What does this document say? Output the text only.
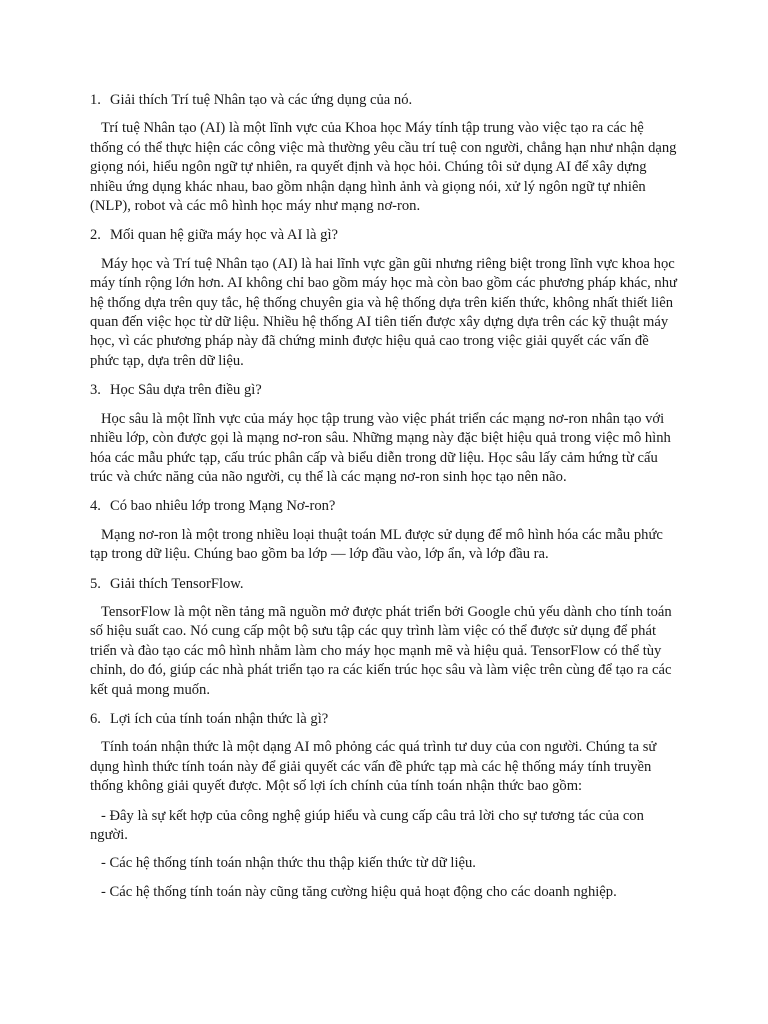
1. Giải thích Trí tuệ Nhân tạo và các ứng dụng của nó.

Trí tuệ Nhân tạo (AI) là một lĩnh vực của Khoa học Máy tính tập trung vào việc tạo ra các hệ thống có thể thực hiện các công việc mà thường yêu cầu trí tuệ con người, chẳng hạn như nhận dạng giọng nói, hiểu ngôn ngữ tự nhiên, ra quyết định và học hỏi. Chúng tôi sử dụng AI để xây dựng nhiều ứng dụng khác nhau, bao gồm nhận dạng hình ảnh và giọng nói, xử lý ngôn ngữ tự nhiên (NLP), robot và các mô hình học máy như mạng nơ-ron.

2. Mối quan hệ giữa máy học và AI là gì?

Máy học và Trí tuệ Nhân tạo (AI) là hai lĩnh vực gần gũi nhưng riêng biệt trong lĩnh vực khoa học máy tính rộng lớn hơn. AI không chỉ bao gồm máy học mà còn bao gồm các phương pháp khác, như hệ thống dựa trên quy tắc, hệ thống chuyên gia và hệ thống dựa trên kiến thức, không nhất thiết liên quan đến việc học từ dữ liệu. Nhiều hệ thống AI tiên tiến được xây dựng dựa trên các kỹ thuật máy học, vì các phương pháp này đã chứng minh được hiệu quả cao trong việc giải quyết các vấn đề phức tạp, dựa trên dữ liệu.

3. Học Sâu dựa trên điều gì?

Học sâu là một lĩnh vực của máy học tập trung vào việc phát triển các mạng nơ-ron nhân tạo với nhiều lớp, còn được gọi là mạng nơ-ron sâu. Những mạng này đặc biệt hiệu quả trong việc mô hình hóa các mẫu phức tạp, cấu trúc phân cấp và biểu diễn trong dữ liệu. Học sâu lấy cảm hứng từ cấu trúc và chức năng của não người, cụ thể là các mạng nơ-ron sinh học tạo nên não.

4. Có bao nhiêu lớp trong Mạng Nơ-ron?

Mạng nơ-ron là một trong nhiều loại thuật toán ML được sử dụng để mô hình hóa các mẫu phức tạp trong dữ liệu. Chúng bao gồm ba lớp — lớp đầu vào, lớp ẩn, và lớp đầu ra.

5. Giải thích TensorFlow.

TensorFlow là một nền tảng mã nguồn mở được phát triển bởi Google chủ yếu dành cho tính toán số hiệu suất cao. Nó cung cấp một bộ sưu tập các quy trình làm việc có thể được sử dụng để phát triển và đào tạo các mô hình nhằm làm cho máy học mạnh mẽ và hiệu quả. TensorFlow có thể tùy chỉnh, do đó, giúp các nhà phát triển tạo ra các kiến trúc học sâu và làm việc trên cùng để tạo ra các kết quả mong muốn.

6. Lợi ích của tính toán nhận thức là gì?

Tính toán nhận thức là một dạng AI mô phỏng các quá trình tư duy của con người. Chúng ta sử dụng hình thức tính toán này để giải quyết các vấn đề phức tạp mà các hệ thống máy tính truyền thống không giải quyết được. Một số lợi ích chính của tính toán nhận thức bao gồm:

- Đây là sự kết hợp của công nghệ giúp hiểu và cung cấp câu trả lời cho sự tương tác của con người.

- Các hệ thống tính toán nhận thức thu thập kiến thức từ dữ liệu.

- Các hệ thống tính toán này cũng tăng cường hiệu quả hoạt động cho các doanh nghiệp.
